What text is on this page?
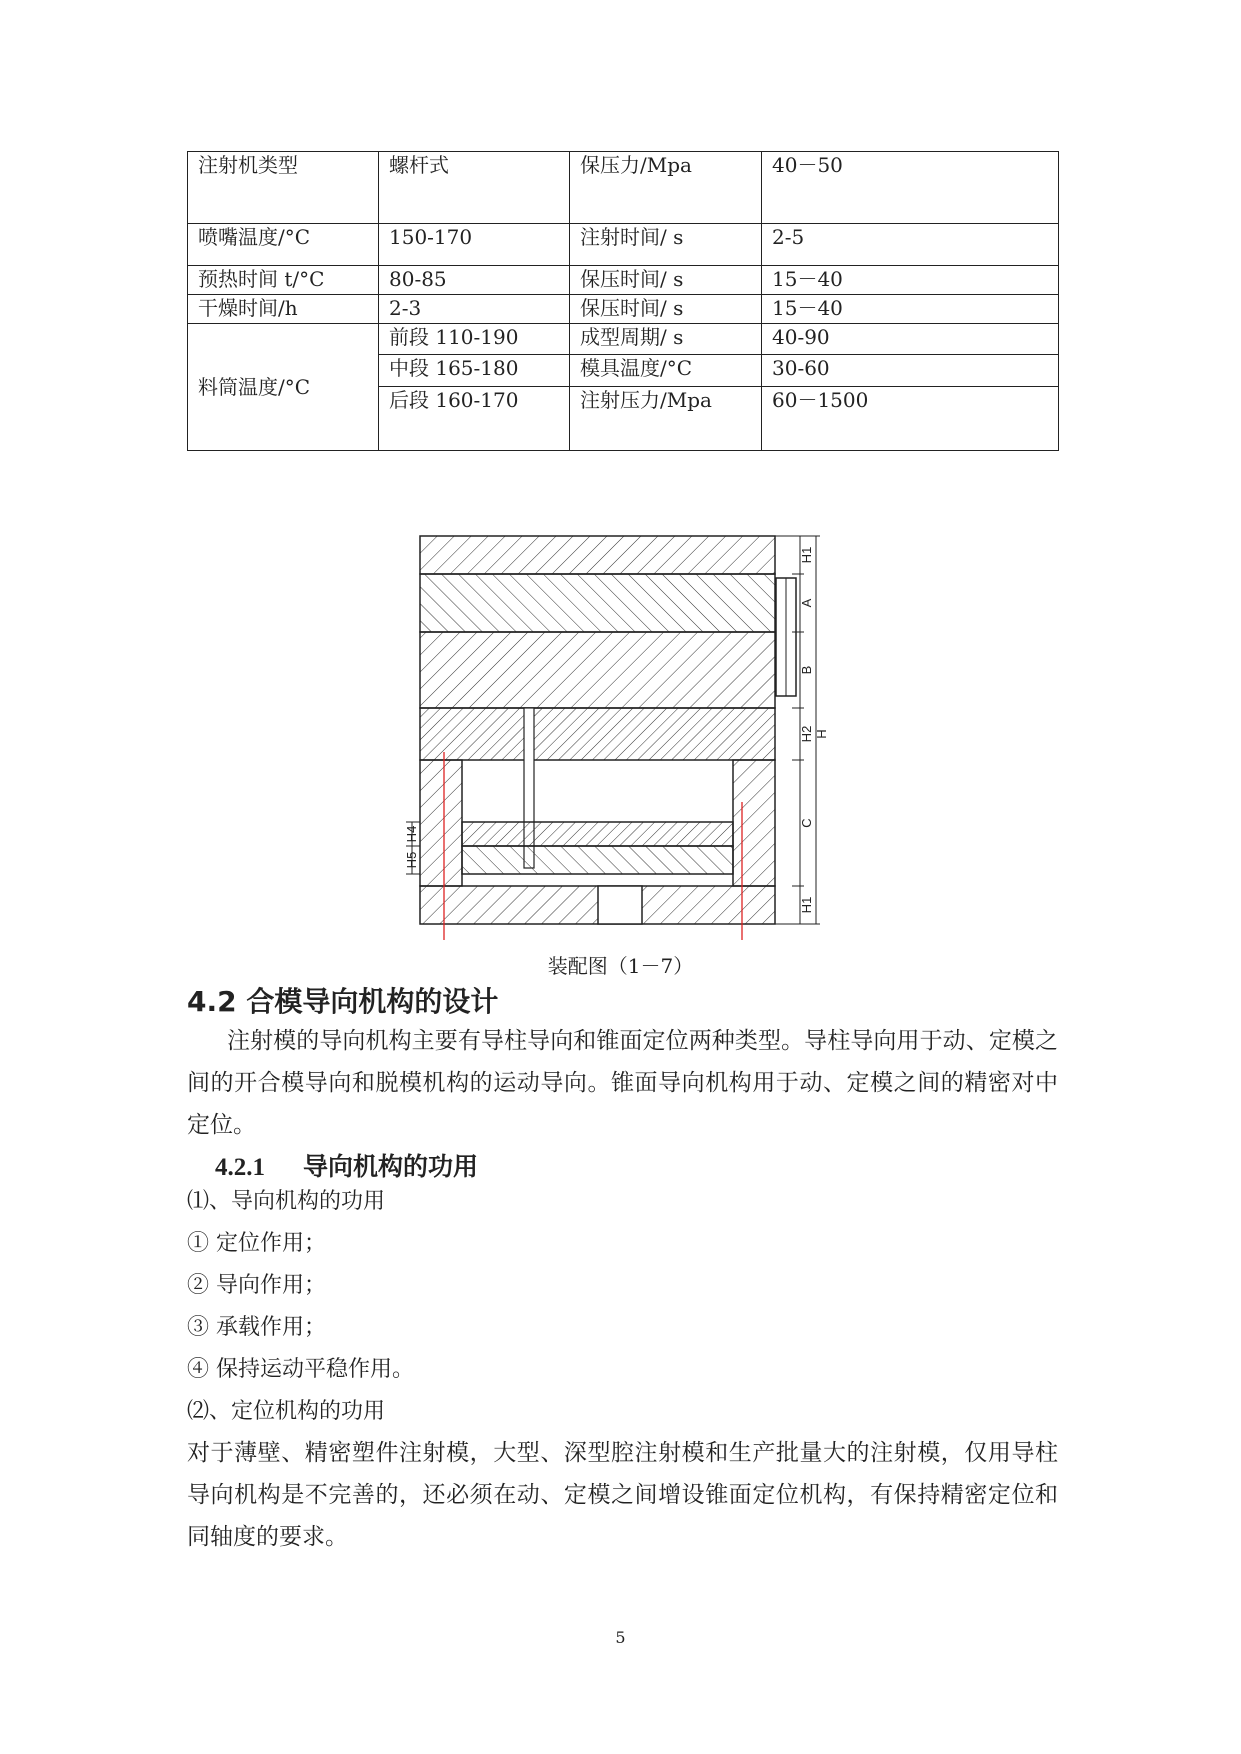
注射机类型	螺杆式	保压力/Mpa	40－50
喷嘴温度/°C	150-170	注射时间/ s	2-5
预热时间 t/°C	80-85	保压时间/ s	15－40
干燥时间/h	2-3	保压时间/ s	15－40
料筒温度/°C	前段 110-190	成型周期/ s	40-90
	中段 165-180	模具温度/°C	30-60
	后段 160-170	注射压力/Mpa	60－1500
H1
A
B
H2 H
C
H1
H4
H5
装配图（1－7）
4.2 合模导向机构的设计

注射模的导向机构主要有导柱导向和锥面定位两种类型。导柱导向用于动、定模之间的开合模导向和脱模机构的运动导向。锥面导向机构用于动、定模之间的精密对中定位。

4.2.1 导向机构的功用
⑴、导向机构的功用
① 定位作用；
② 导向作用；
③ 承载作用；
④ 保持运动平稳作用。
⑵、定位机构的功用

对于薄壁、精密塑件注射模，大型、深型腔注射模和生产批量大的注射模，仅用导柱导向机构是不完善的，还必须在动、定模之间增设锥面定位机构，有保持精密定位和同轴度的要求。

5
